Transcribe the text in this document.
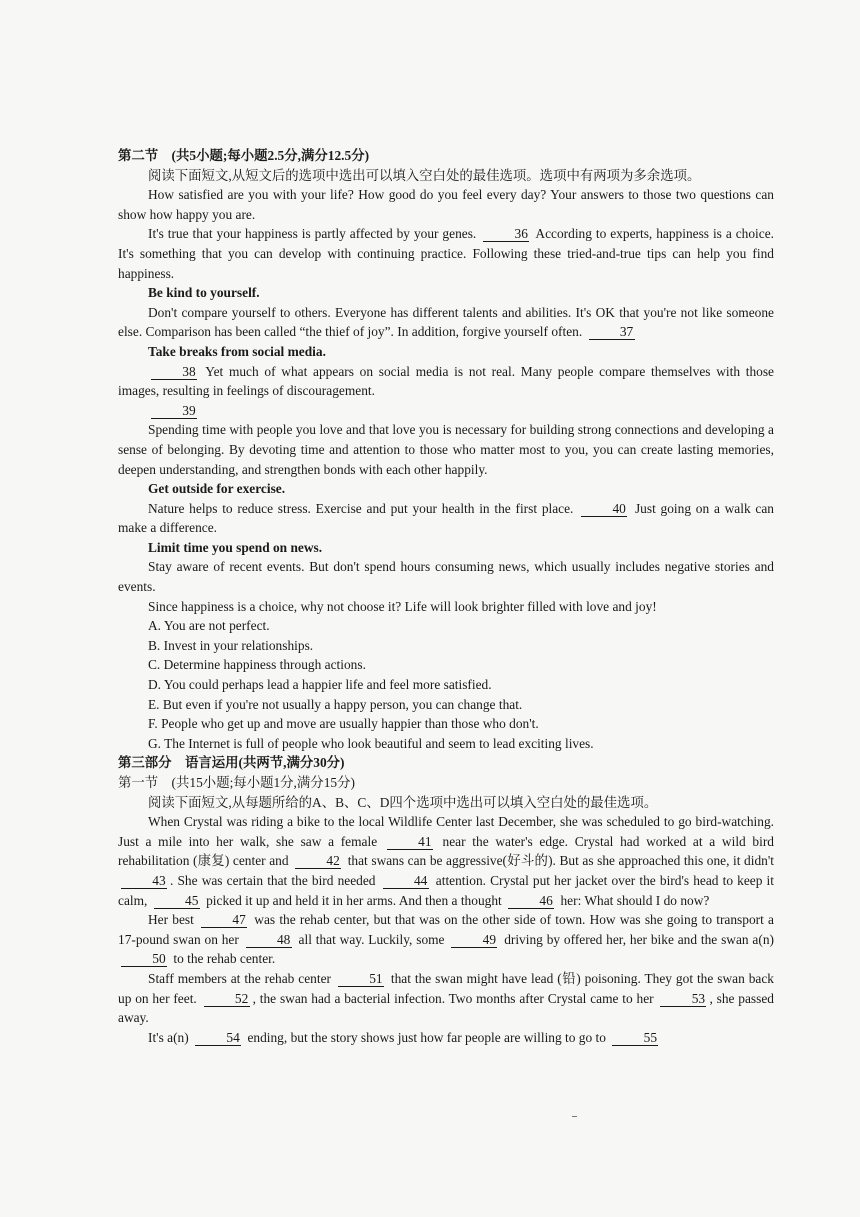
第二节　(共5小题;每小题2.5分,满分12.5分)

阅读下面短文,从短文后的选项中选出可以填入空白处的最佳选项。选项中有两项为多余选项。

How satisfied are you with your life? How good do you feel every day? Your answers to those two questions can show how happy you are.

It's true that your happiness is partly affected by your genes.	36 According to experts, happiness is a choice. It's something that you can develop with continuing practice. Following these tried-and-true tips can help you find happiness.

Be kind to yourself.

Don't compare yourself to others. Everyone has different talents and abilities. It's OK that you're not like someone else. Comparison has been called “the thief of joy”. In addition, forgive yourself often.	37

Take breaks from social media.

38 Yet much of what appears on social media is not real. Many people compare themselves with those images, resulting in feelings of discouragement.

39

Spending time with people you love and that love you is necessary for building strong connections and developing a sense of belonging. By devoting time and attention to those who matter most to you, you can create lasting memories, deepen understanding, and strengthen bonds with each other happily.

Get outside for exercise.

Nature helps to reduce stress. Exercise and put your health in the first place.	40 Just going on a walk can make a difference.

Limit time you spend on news.

Stay aware of recent events. But don't spend hours consuming news, which usually includes negative stories and events.

Since happiness is a choice, why not choose it? Life will look brighter filled with love and joy!

A. You are not perfect.

B. Invest in your relationships.

C. Determine happiness through actions.

D. You could perhaps lead a happier life and feel more satisfied.

E. But even if you're not usually a happy person, you can change that.

F. People who get up and move are usually happier than those who don't.

G. The Internet is full of people who look beautiful and seem to lead exciting lives.

第三部分　语言运用(共两节,满分30分)

第一节　(共15小题;每小题1分,满分15分)

阅读下面短文,从每题所给的A、B、C、D四个选项中选出可以填入空白处的最佳选项。

When Crystal was riding a bike to the local Wildlife Center last December, she was scheduled to go bird-watching. Just a mile into her walk, she saw a female	41 near the water's edge. Crystal had worked at a wild bird rehabilitation (康复) center and	42 that swans can be aggressive(好斗的). But as she approached this one, it didn't 43 . She was certain that the bird needed	44 attention. Crystal put her jacket over the bird's head to keep it calm,	45 picked it up and held it in her arms. And then a thought	46 her: What should I do now?

Her best	47 was the rehab center, but that was on the other side of town. How was she going to transport a 17-pound swan on her	48 all that way. Luckily, some	49 driving by offered her, her bike and the swan a(n) 50 to the rehab center.

Staff members at the rehab center	51 that the swan might have lead (铅) poisoning. They got the swan back up on her feet.	52 , the swan had a bacterial infection. Two months after Crystal came to her	53 , she passed away.

It's a(n)	54 ending, but the story shows just how far people are willing to go to	55
